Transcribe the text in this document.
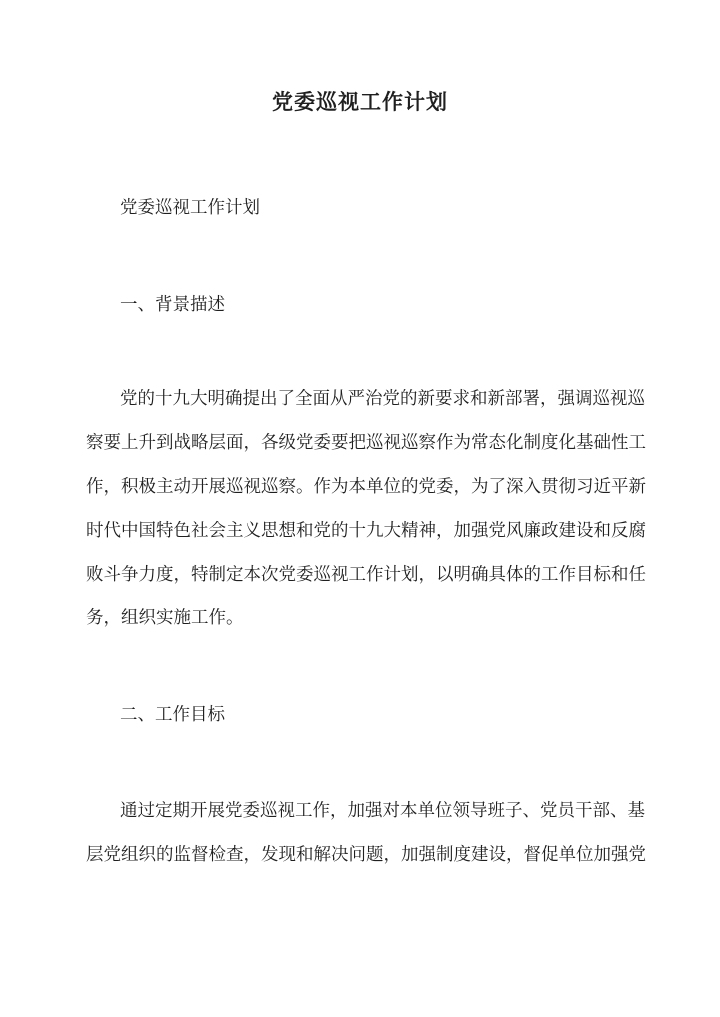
党委巡视工作计划

党委巡视工作计划

一、背景描述

党的十九大明确提出了全面从严治党的新要求和新部署，强调巡视巡

察要上升到战略层面，各级党委要把巡视巡察作为常态化制度化基础性工

作，积极主动开展巡视巡察。作为本单位的党委，为了深入贯彻习近平新

时代中国特色社会主义思想和党的十九大精神，加强党风廉政建设和反腐

败斗争力度，特制定本次党委巡视工作计划，以明确具体的工作目标和任

务，组织实施工作。

二、工作目标

通过定期开展党委巡视工作，加强对本单位领导班子、党员干部、基

层党组织的监督检查，发现和解决问题，加强制度建设，督促单位加强党
